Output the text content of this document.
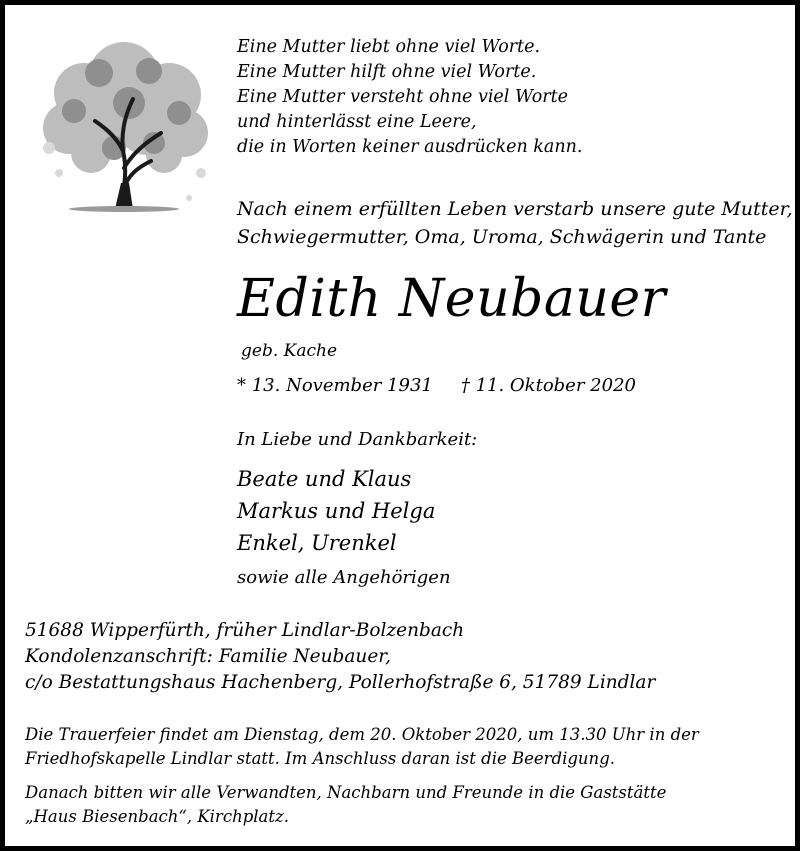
Eine Mutter liebt ohne viel Worte.
Eine Mutter hilft ohne viel Worte.
Eine Mutter versteht ohne viel Worte
und hinterlässt eine Leere,
die in Worten keiner ausdrücken kann.
Nach einem erfüllten Leben verstarb unsere gute Mutter,
Schwiegermutter, Oma, Uroma, Schwägerin und Tante
Edith Neubauer
geb. Kache
* 13. November 1931 † 11. Oktober 2020
In Liebe und Dankbarkeit:
Beate und Klaus
Markus und Helga
Enkel, Urenkel
sowie alle Angehörigen
51688 Wipperfürth, früher Lindlar-Bolzenbach
Kondolenzanschrift: Familie Neubauer,
c/o Bestattungshaus Hachenberg, Pollerhofstraße 6, 51789 Lindlar
Die Trauerfeier findet am Dienstag, dem 20. Oktober 2020, um 13.30 Uhr in der
Friedhofskapelle Lindlar statt. Im Anschluss daran ist die Beerdigung.
Danach bitten wir alle Verwandten, Nachbarn und Freunde in die Gaststätte
„Haus Biesenbach“, Kirchplatz.
